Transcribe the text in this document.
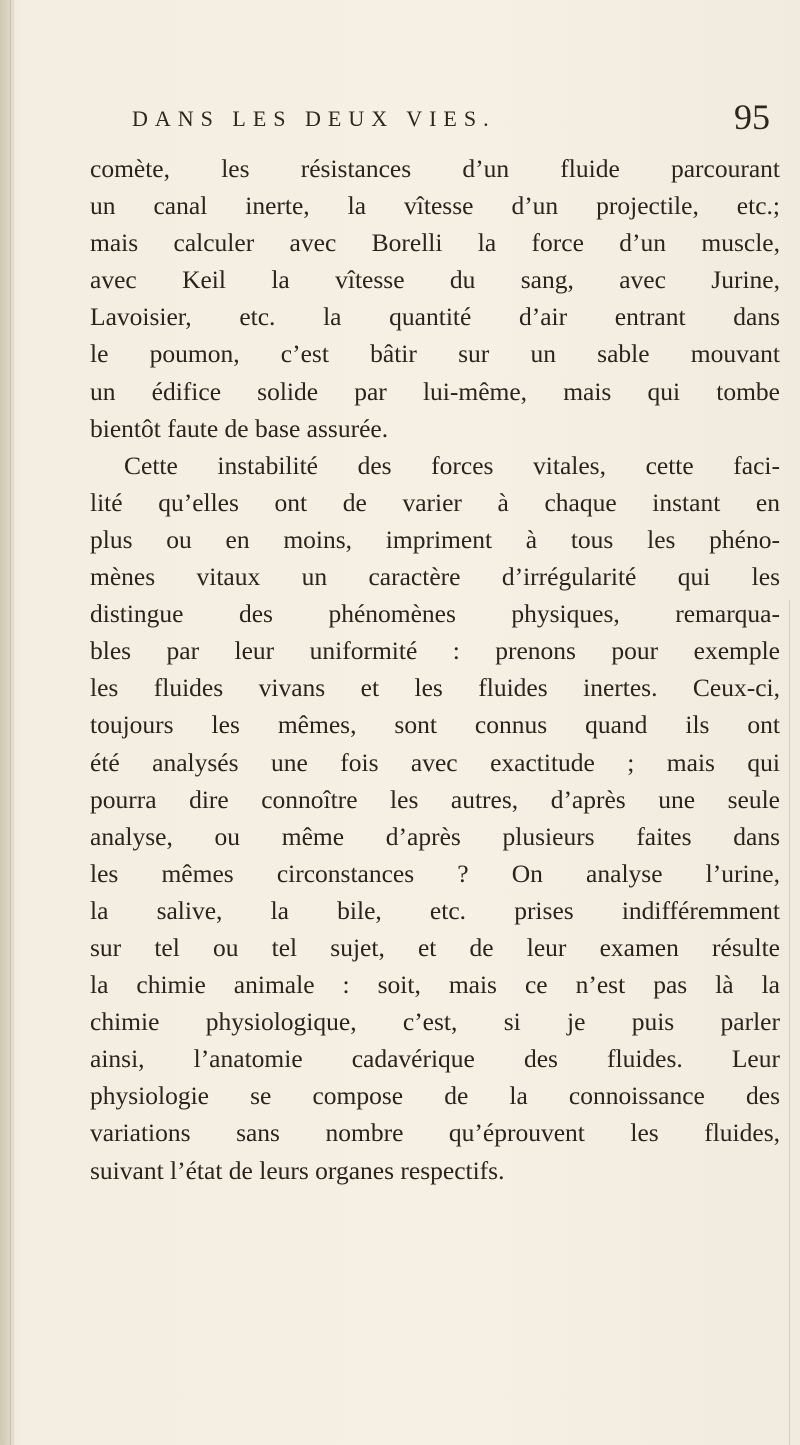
DANS LES DEUX VIES.	95
comète, les résistances d’un fluide parcourant
un canal inerte, la vîtesse d’un projectile, etc.;
mais calculer avec Borelli la force d’un muscle,
avec Keil la vîtesse du sang, avec Jurine,
Lavoisier, etc. la quantité d’air entrant dans
le poumon, c’est bâtir sur un sable mouvant
un édifice solide par lui-même, mais qui tombe
bientôt faute de base assurée.
Cette instabilité des forces vitales, cette faci-
lité qu’elles ont de varier à chaque instant en
plus ou en moins, impriment à tous les phéno-
mènes vitaux un caractère d’irrégularité qui les
distingue des phénomènes physiques, remarqua-
bles par leur uniformité : prenons pour exemple
les fluides vivans et les fluides inertes. Ceux-ci,
toujours les mêmes, sont connus quand ils ont
été analysés une fois avec exactitude ; mais qui
pourra dire connoître les autres, d’après une seule
analyse, ou même d’après plusieurs faites dans
les mêmes circonstances ? On analyse l’urine,
la salive, la bile, etc. prises indifféremment
sur tel ou tel sujet, et de leur examen résulte
la chimie animale : soit, mais ce n’est pas là la
chimie physiologique, c’est, si je puis parler
ainsi, l’anatomie cadavérique des fluides. Leur
physiologie se compose de la connoissance des
variations sans nombre qu’éprouvent les fluides,
suivant l’état de leurs organes respectifs.
